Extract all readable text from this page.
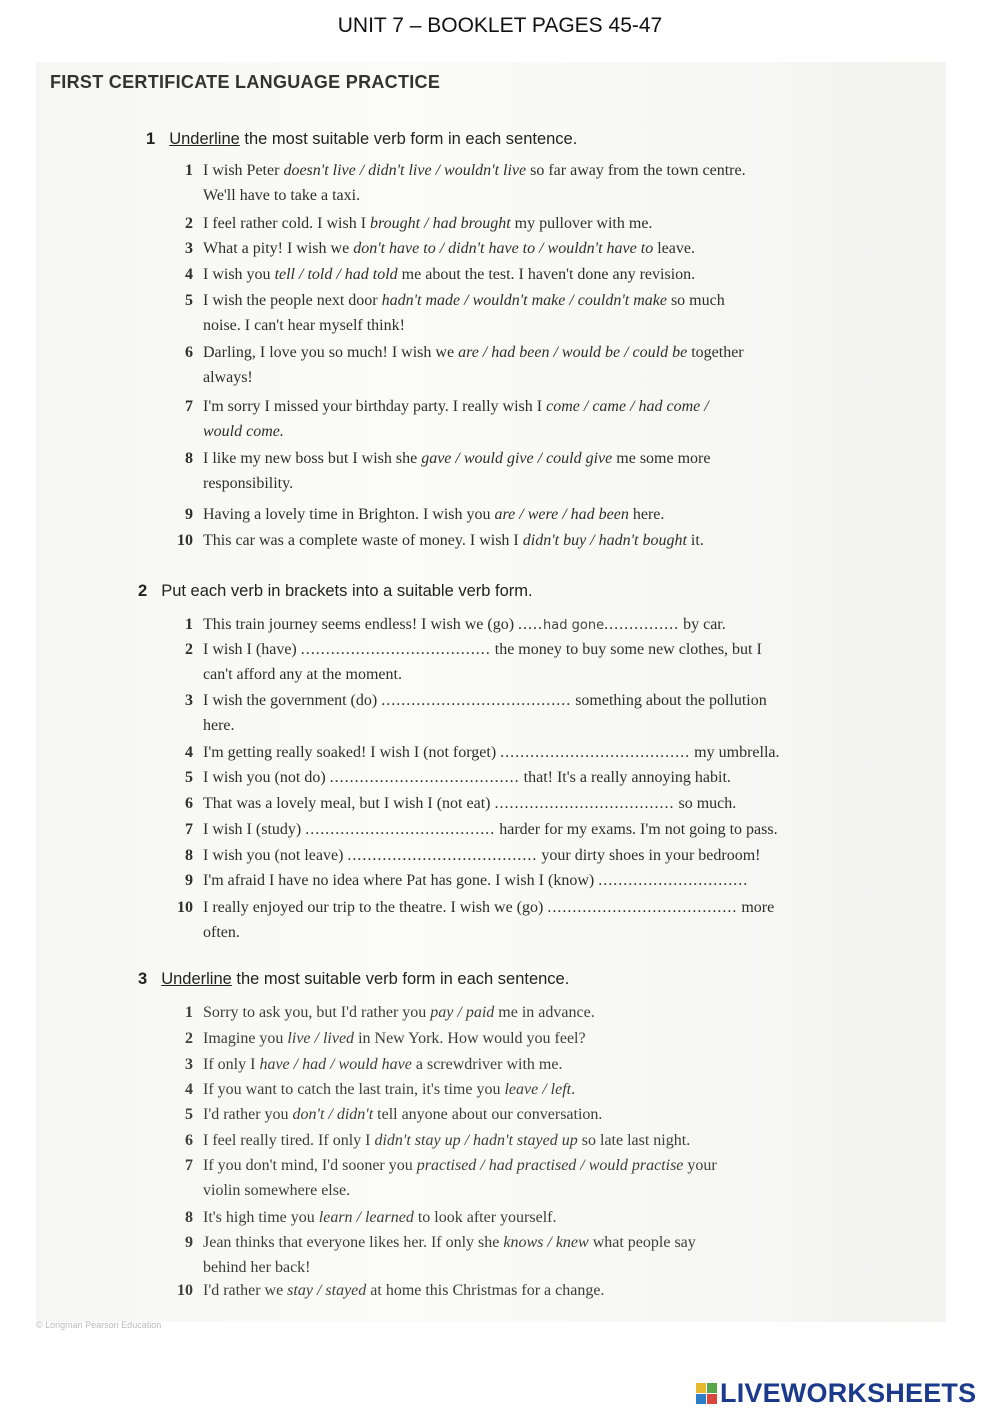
UNIT 7 – BOOKLET PAGES 45-47
FIRST CERTIFICATE LANGUAGE PRACTICE
1 Underline the most suitable verb form in each sentence.
1 I wish Peter doesn't live / didn't live / wouldn't live so far away from the town centre.
We'll have to take a taxi.
2 I feel rather cold. I wish I brought / had brought my pullover with me.
3 What a pity! I wish we don't have to / didn't have to / wouldn't have to leave.
4 I wish you tell / told / had told me about the test. I haven't done any revision.
5 I wish the people next door hadn't made / wouldn't make / couldn't make so much
noise. I can't hear myself think!
6 Darling, I love you so much! I wish we are / had been / would be / could be together
always!
7 I'm sorry I missed your birthday party. I really wish I come / came / had come /
would come.
8 I like my new boss but I wish she gave / would give / could give me some more
responsibility.
9 Having a lovely time in Brighton. I wish you are / were / had been here.
10 This car was a complete waste of money. I wish I didn't buy / hadn't bought it.
2 Put each verb in brackets into a suitable verb form.
1 This train journey seems endless! I wish we (go) .....had gone............... by car.
2 I wish I (have) ...................................... the money to buy some new clothes, but I
can't afford any at the moment.
3 I wish the government (do) ...................................... something about the pollution
here.
4 I'm getting really soaked! I wish I (not forget) ...................................... my umbrella.
5 I wish you (not do) ...................................... that! It's a really annoying habit.
6 That was a lovely meal, but I wish I (not eat) .................................... so much.
7 I wish I (study) ...................................... harder for my exams. I'm not going to pass.
8 I wish you (not leave) ...................................... your dirty shoes in your bedroom!
9 I'm afraid I have no idea where Pat has gone. I wish I (know) ..............................
10 I really enjoyed our trip to the theatre. I wish we (go) ...................................... more
often.
3 Underline the most suitable verb form in each sentence.
1 Sorry to ask you, but I'd rather you pay / paid me in advance.
2 Imagine you live / lived in New York. How would you feel?
3 If only I have / had / would have a screwdriver with me.
4 If you want to catch the last train, it's time you leave / left.
5 I'd rather you don't / didn't tell anyone about our conversation.
6 I feel really tired. If only I didn't stay up / hadn't stayed up so late last night.
7 If you don't mind, I'd sooner you practised / had practised / would practise your
violin somewhere else.
8 It's high time you learn / learned to look after yourself.
9 Jean thinks that everyone likes her. If only she knows / knew what people say
behind her back!
10 I'd rather we stay / stayed at home this Christmas for a change.
© Longman Pearson Education
LIVEWORKSHEETS
